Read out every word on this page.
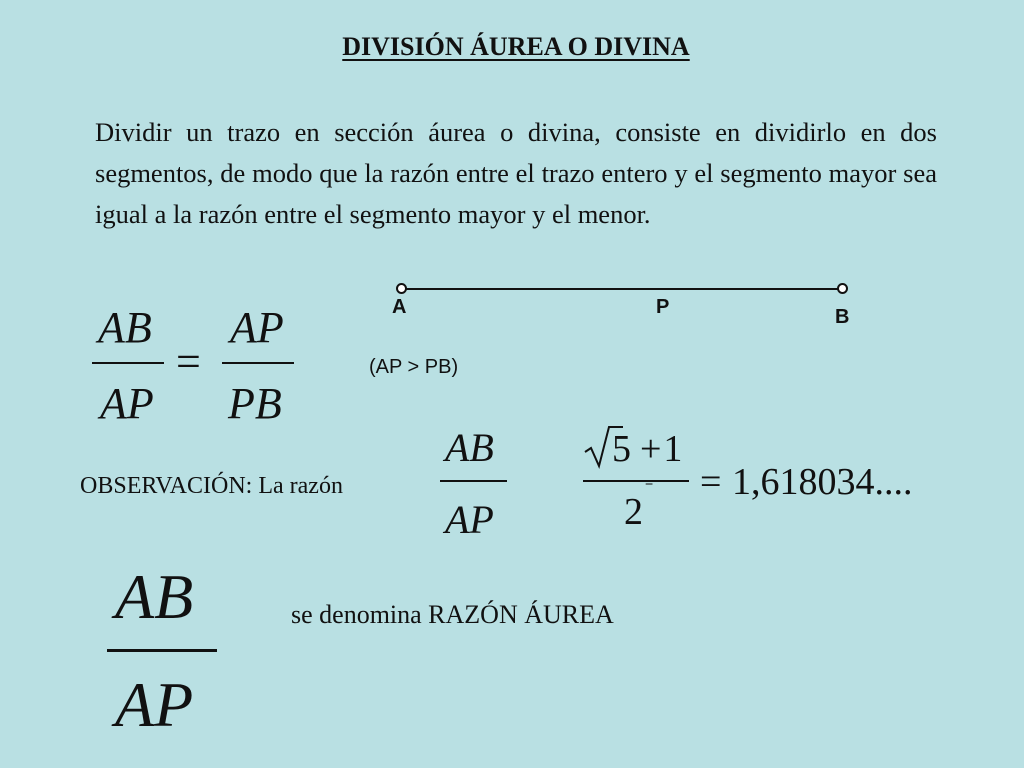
DIVISIÓN ÁUREA O DIVINA
Dividir un trazo en sección áurea o divina, consiste en dividirlo en dos segmentos, de modo que la razón entre el trazo entero y el segmento mayor sea igual a la razón entre el segmento mayor y el menor.
A	P	B
(AP > PB)
AB
AP
=
AP
PB
OBSERVACIÓN: La razón
AB
AP
5 +1
2
= = 1,618034....
AB
AP
se denomina RAZÓN ÁUREA
